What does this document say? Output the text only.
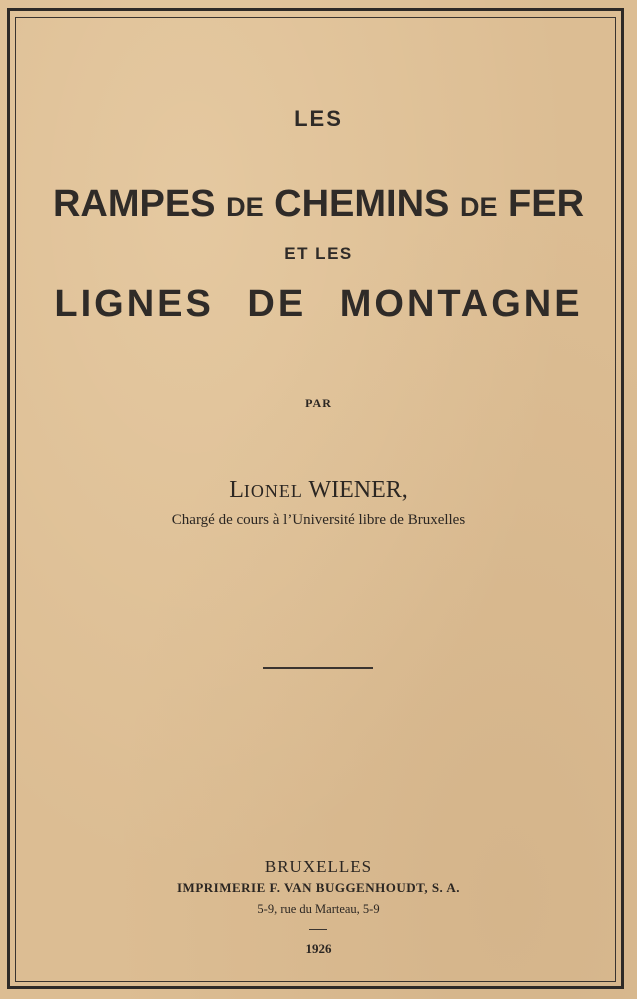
LES
RAMPES DE CHEMINS DE FER
ET LES
LIGNES DE MONTAGNE
PAR
LIONEL WIENER,
Chargé de cours à l’Université libre de Bruxelles
BRUXELLES
IMPRIMERIE F. VAN BUGGENHOUDT, S. A.
5-9, rue du Marteau, 5-9
1926
